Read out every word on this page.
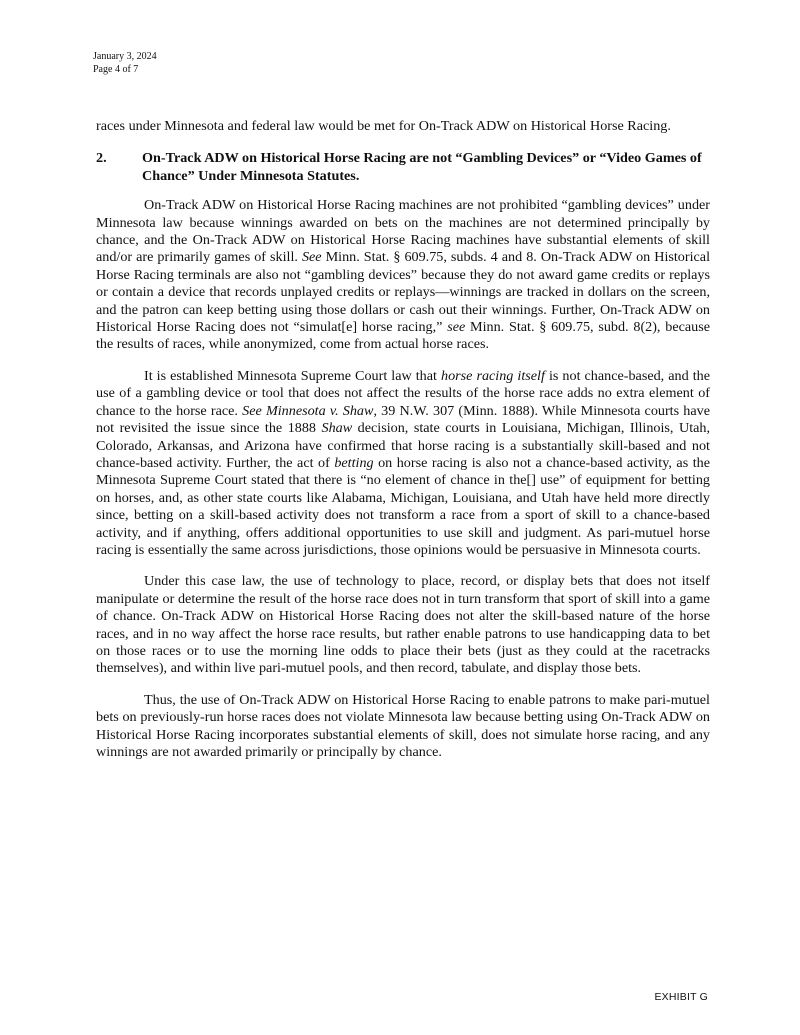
January 3, 2024
Page 4 of 7

races under Minnesota and federal law would be met for On-Track ADW on Historical Horse Racing.

2.	On-Track ADW on Historical Horse Racing are not “Gambling Devices” or “Video Games of Chance” Under Minnesota Statutes.

On-Track ADW on Historical Horse Racing machines are not prohibited “gambling devices” under Minnesota law because winnings awarded on bets on the machines are not determined principally by chance, and the On-Track ADW on Historical Horse Racing machines have substantial elements of skill and/or are primarily games of skill. See Minn. Stat. § 609.75, subds. 4 and 8. On-Track ADW on Historical Horse Racing terminals are also not “gambling devices” because they do not award game credits or replays or contain a device that records unplayed credits or replays—winnings are tracked in dollars on the screen, and the patron can keep betting using those dollars or cash out their winnings. Further, On-Track ADW on Historical Horse Racing does not “simulat[e] horse racing,” see Minn. Stat. § 609.75, subd. 8(2), because the results of races, while anonymized, come from actual horse races.

It is established Minnesota Supreme Court law that horse racing itself is not chance-based, and the use of a gambling device or tool that does not affect the results of the horse race adds no extra element of chance to the horse race. See Minnesota v. Shaw, 39 N.W. 307 (Minn. 1888). While Minnesota courts have not revisited the issue since the 1888 Shaw decision, state courts in Louisiana, Michigan, Illinois, Utah, Colorado, Arkansas, and Arizona have confirmed that horse racing is a substantially skill-based and not chance-based activity. Further, the act of betting on horse racing is also not a chance-based activity, as the Minnesota Supreme Court stated that there is “no element of chance in the[] use” of equipment for betting on horses, and, as other state courts like Alabama, Michigan, Louisiana, and Utah have held more directly since, betting on a skill-based activity does not transform a race from a sport of skill to a chance-based activity, and if anything, offers additional opportunities to use skill and judgment. As pari-mutuel horse racing is essentially the same across jurisdictions, those opinions would be persuasive in Minnesota courts.

Under this case law, the use of technology to place, record, or display bets that does not itself manipulate or determine the result of the horse race does not in turn transform that sport of skill into a game of chance. On-Track ADW on Historical Horse Racing does not alter the skill-based nature of the horse races, and in no way affect the horse race results, but rather enable patrons to use handicapping data to bet on those races or to use the morning line odds to place their bets (just as they could at the racetracks themselves), and within live pari-mutuel pools, and then record, tabulate, and display those bets.

Thus, the use of On-Track ADW on Historical Horse Racing to enable patrons to make pari-mutuel bets on previously-run horse races does not violate Minnesota law because betting using On-Track ADW on Historical Horse Racing incorporates substantial elements of skill, does not simulate horse racing, and any winnings are not awarded primarily or principally by chance.

EXHIBIT G
